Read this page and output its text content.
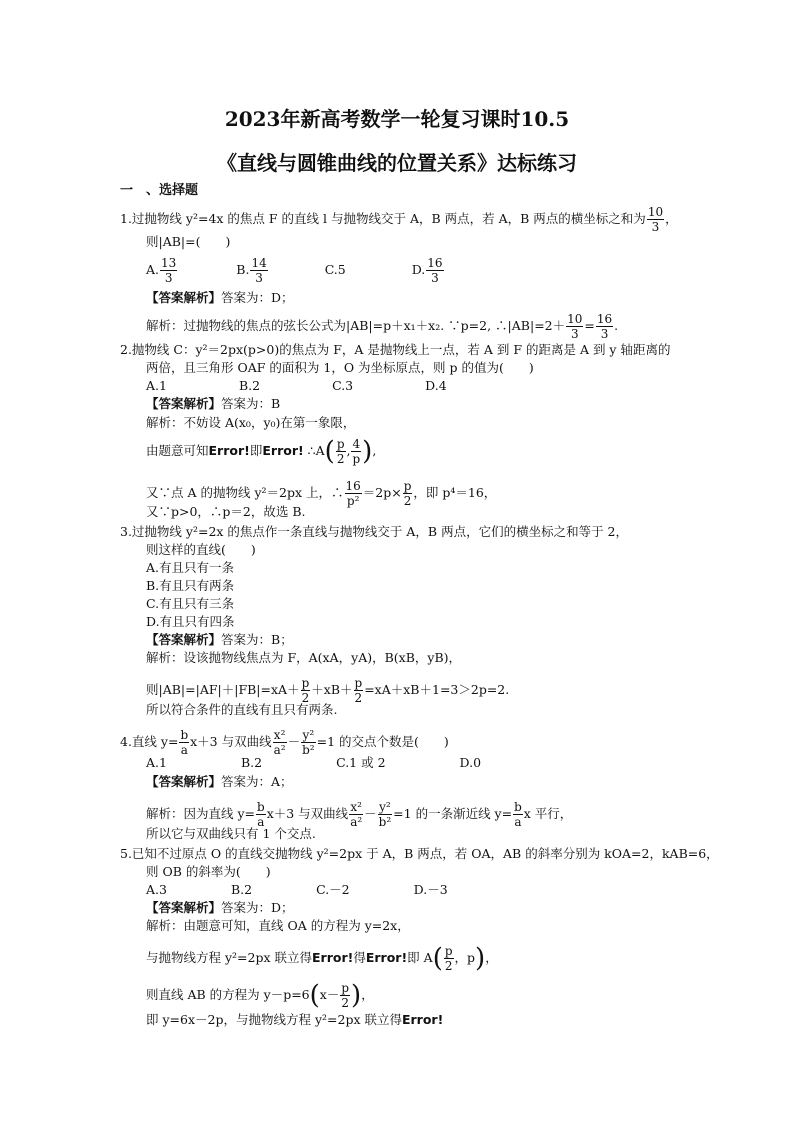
2023年新高考数学一轮复习课时10.5
《直线与圆锥曲线的位置关系》达标练习
一　、选择题
1.过抛物线 y²=4x 的焦点 F 的直线 l 与抛物线交于 A，B 两点，若 A，B 两点的横坐标之和为 $\frac{10}{3}$ ，
则|AB|=(　　)
A. $\frac{13}{3}$	B. $\frac{14}{3}$	C.5	D. $\frac{16}{3}$
【答案解析】答案为：D；
解析：过抛物线的焦点的弦长公式为|AB|=p＋x₁＋x₂. ∵p=2, ∴|AB|=2＋ $\frac{10}{3} = \frac{16}{3}$ .
2.抛物线 C：y²＝2px(p>0)的焦点为 F，A 是抛物线上一点，若 A 到 F 的距离是 A 到 y 轴距离的
两倍，且三角形 OAF 的面积为 1，O 为坐标原点，则 p 的值为(　　)
A.1	B.2	C.3	D.4
【答案解析】答案为：B
解析：不妨设 A(x₀，y₀)在第一象限，
由题意可知Error!即Error! ∴A( $\frac{p}{2}$ , $\frac{4}{p}$ ),
又∵点 A 的抛物线 y²＝2px 上，∴ $\frac{16}{\text{p²}} =2p\times \frac{p}{2}$ ，即 p⁴＝16，
又∵p>0，∴p＝2，故选 B.
3.过抛物线 y²=2x 的焦点作一条直线与抛物线交于 A，B 两点，它们的横坐标之和等于 2，
则这样的直线(　　)
A.有且只有一条
B.有且只有两条
C.有且只有三条
D.有且只有四条
【答案解析】答案为：B；
解析：设该抛物线焦点为 F，A(xA，yA)，B(xB，yB)，
则$|AB|=|AF|+|FB|=xA+ \frac{p}{2} +xB+ \frac{p}{2} =xA+xB+1=3>2p=2$.
所以符合条件的直线有且只有两条.
4.直线 $y= \frac{b}{a} x+3$ 与双曲线 $\frac{\text{x²}}{\text{a²}} - \frac{\text{y²}}{\text{b²}} =1$ 的交点个数是(　　)
A.1	B.2	C.1 或 2	D.0
【答案解析】答案为：A；
解析：因为直线 $y= \frac{b}{a} x+3$ 与双曲线 $\frac{\text{x²}}{\text{a²}} - \frac{\text{y²}}{\text{b²}} =1$ 的一条渐近线 $y= \frac{b}{a}$ x 平行，
所以它与双曲线只有 1 个交点.
5.已知不过原点 O 的直线交抛物线 y²=2px 于 A，B 两点，若 OA，AB 的斜率分别为 kOA=2，kAB=6，
则 OB 的斜率为(　　)
A.3	B.2	C.－2	D.－3
【答案解析】答案为：D；
解析：由题意可知，直线 OA 的方程为 y=2x，
与抛物线方程 y²=2px 联立得Error!得Error!即 $A( \frac{p}{2}$ ，p)，
则直线 AB 的方程为 $y-p=6(x- \frac{p}{2}$ )，
即 y=6x－2p，与抛物线方程 y²=2px 联立得Error!
